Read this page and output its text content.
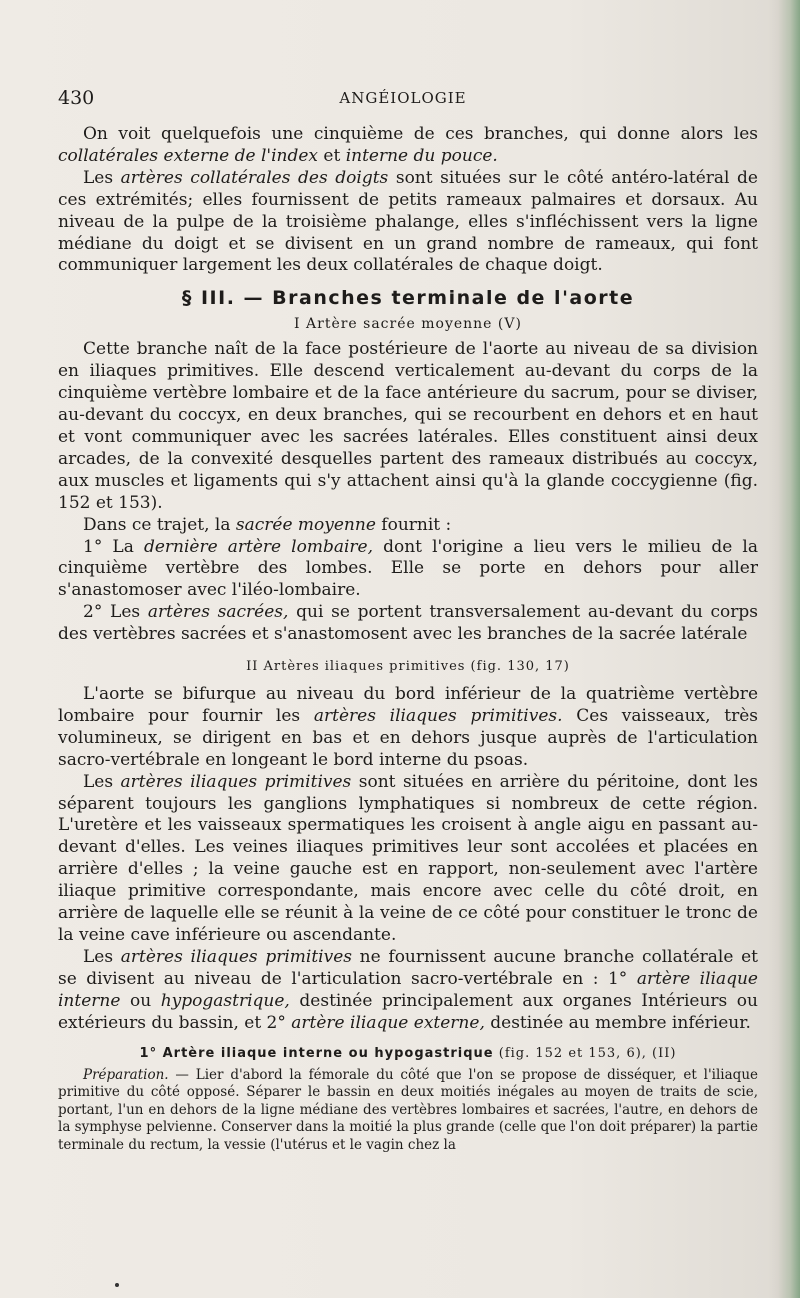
430	ANGÉIOLOGIE

On voit quelquefois une cinquième de ces branches, qui donne alors les collatérales externe de l'index et interne du pouce.

Les artères collatérales des doigts sont situées sur le côté antéro-latéral de ces extrémités; elles fournissent de petits rameaux palmaires et dorsaux. Au niveau de la pulpe de la troisième phalange, elles s'infléchissent vers la ligne médiane du doigt et se divisent en un grand nombre de rameaux, qui font communiquer largement les deux collatérales de chaque doigt.

§ III. — Branches terminale de l'aorte
I Artère sacrée moyenne (V)

Cette branche naît de la face postérieure de l'aorte au niveau de sa division en iliaques primitives. Elle descend verticalement au-devant du corps de la cinquième vertèbre lombaire et de la face antérieure du sacrum, pour se diviser, au-devant du coccyx, en deux branches, qui se recourbent en dehors et en haut et vont communiquer avec les sacrées latérales. Elles constituent ainsi deux arcades, de la convexité desquelles partent des rameaux distribués au coccyx, aux muscles et ligaments qui s'y attachent ainsi qu'à la glande coccygienne (fig. 152 et 153).

Dans ce trajet, la sacrée moyenne fournit :

1° La dernière artère lombaire, dont l'origine a lieu vers le milieu de la cinquième vertèbre des lombes. Elle se porte en dehors pour aller s'anastomoser avec l'iléo-lombaire.

2° Les artères sacrées, qui se portent transversalement au-devant du corps des vertèbres sacrées et s'anastomosent avec les branches de la sacrée latérale

II Artères iliaques primitives (fig. 130, 17)

L'aorte se bifurque au niveau du bord inférieur de la quatrième vertèbre lombaire pour fournir les artères iliaques primitives. Ces vaisseaux, très volumineux, se dirigent en bas et en dehors jusque auprès de l'articulation sacro-vertébrale en longeant le bord interne du psoas.

Les artères iliaques primitives sont situées en arrière du péritoine, dont les séparent toujours les ganglions lymphatiques si nombreux de cette région. L'uretère et les vaisseaux spermatiques les croisent à angle aigu en passant au-devant d'elles. Les veines iliaques primitives leur sont accolées et placées en arrière d'elles ; la veine gauche est en rapport, non-seulement avec l'artère iliaque primitive correspondante, mais encore avec celle du côté droit, en arrière de laquelle elle se réunit à la veine de ce côté pour constituer le tronc de la veine cave inférieure ou ascendante.

Les artères iliaques primitives ne fournissent aucune branche collatérale et se divisent au niveau de l'articulation sacro-vertébrale en : 1° artère iliaque interne ou hypogastrique, destinée principalement aux organes Intérieurs ou extérieurs du bassin, et 2° artère iliaque externe, destinée au membre inférieur.

1° Artère iliaque interne ou hypogastrique (fig. 152 et 153, 6), (II)

Préparation. — Lier d'abord la fémorale du côté que l'on se propose de disséquer, et l'iliaque primitive du côté opposé. Séparer le bassin en deux moitiés inégales au moyen de traits de scie, portant, l'un en dehors de la ligne médiane des vertèbres lombaires et sacrées, l'autre, en dehors de la symphyse pelvienne. Conserver dans la moitié la plus grande (celle que l'on doit préparer) la partie terminale du rectum, la vessie (l'utérus et le vagin chez la
